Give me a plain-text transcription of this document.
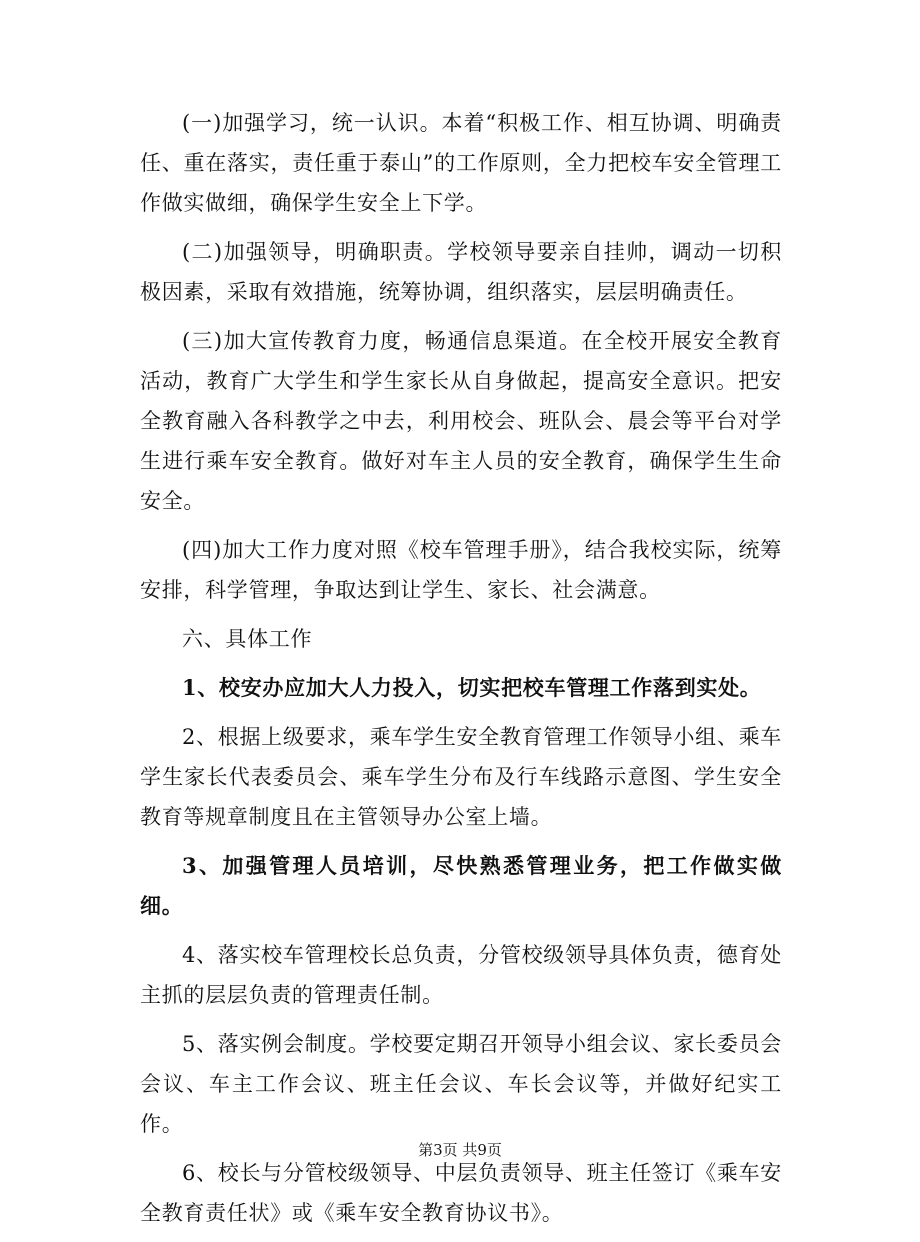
(一)加强学习，统一认识。本着“积极工作、相互协调、明确责任、重在落实，责任重于泰山”的工作原则，全力把校车安全管理工作做实做细，确保学生安全上下学。

(二)加强领导，明确职责。学校领导要亲自挂帅，调动一切积极因素，采取有效措施，统筹协调，组织落实，层层明确责任。

(三)加大宣传教育力度，畅通信息渠道。在全校开展安全教育活动，教育广大学生和学生家长从自身做起，提高安全意识。把安全教育融入各科教学之中去，利用校会、班队会、晨会等平台对学生进行乘车安全教育。做好对车主人员的安全教育，确保学生生命安全。

(四)加大工作力度对照《校车管理手册》，结合我校实际，统筹安排，科学管理，争取达到让学生、家长、社会满意。

六、具体工作

1、校安办应加大人力投入，切实把校车管理工作落到实处。

2、根据上级要求，乘车学生安全教育管理工作领导小组、乘车学生家长代表委员会、乘车学生分布及行车线路示意图、学生安全教育等规章制度且在主管领导办公室上墙。

3、加强管理人员培训，尽快熟悉管理业务，把工作做实做细。

4、落实校车管理校长总负责，分管校级领导具体负责，德育处主抓的层层负责的管理责任制。

5、落实例会制度。学校要定期召开领导小组会议、家长委员会会议、车主工作会议、班主任会议、车长会议等，并做好纪实工作。

6、校长与分管校级领导、中层负责领导、班主任签订《乘车安全教育责任状》或《乘车安全教育协议书》。

第3页 共9页
